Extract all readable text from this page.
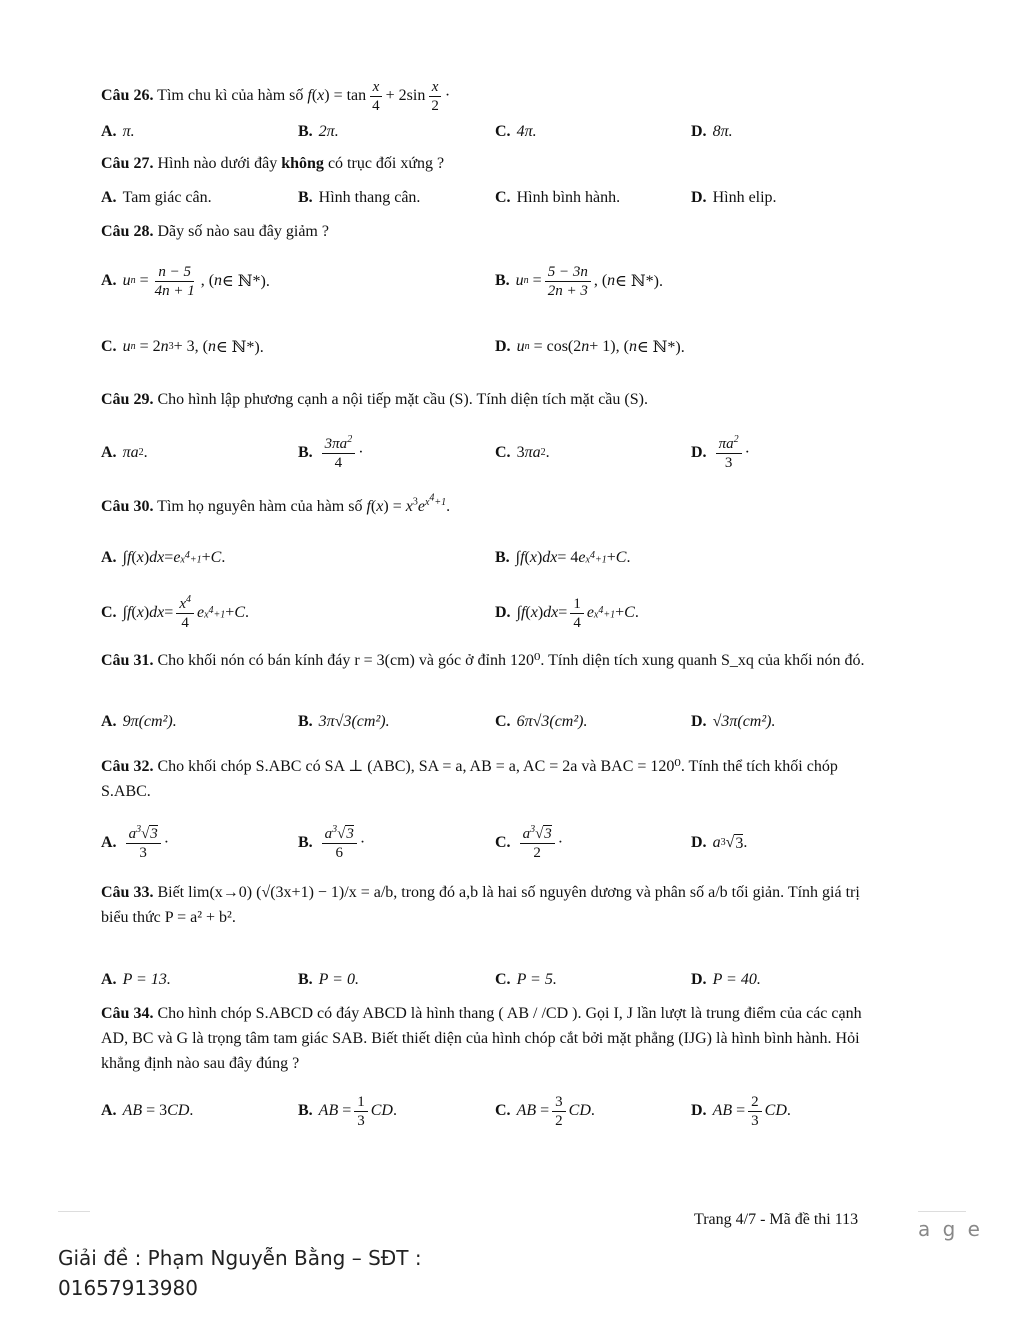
Câu 26. Tìm chu kì của hàm số $f(x) = \tan \frac{x}{4} + 2\sin \frac{x}{2}$ ·
A. π.	B. 2π.	C. 4π.	D. 8π.
Câu 27. Hình nào dưới đây không có trục đối xứng ?
A. Tam giác cân.	B. Hình thang cân.	C. Hình bình hành.	D. Hình elip.
Câu 28. Dãy số nào sau đây giảm ?
A. u $n = \frac{n - 5}{4n + 1}$ , ( n ∈ ℕ*).	B. u $n = \frac{5 - 3n}{2n + 3}$ , ( n ∈ ℕ*).
C. u n = 2 n 3 + 3, ( n ∈ ℕ*).	D. u n = cos(2 n + 1), ( n ∈ ℕ*).
Câu 29. Cho hình lập phương cạnh a nội tiếp mặt cầu (S). Tính diện tích mặt cầu (S).
A. πa 2 .	B. $\frac{3\pi a^2}{4}$ ·	C. 3 πa 2 .	D. $\frac{\pi a^2}{3}$ ·
Câu 30. Tìm họ nguyên hàm của hàm số $f(x) = x^3e^{x^4+1}$.
A. ∫ f ( x ) dx = e $x^4+1 + C$ .	B. ∫ f ( x ) dx = 4 e $x^4+1 + C$ .
C. ∫ f ( x ) dx = $\frac{x^4}{4}$ e $x^4+1 + C$ .	D. ∫ f ( x ) dx = $\frac{1}{4}$ e $x^4+1 + C$ .
Câu 31. Cho khối nón có bán kính đáy r = 3(cm) và góc ở đỉnh 120⁰. Tính diện tích xung quanh S_xq của khối nón đó.
A. 9π(cm²).	B. 3π√3(cm²).	C. 6π√3(cm²).	D. √3π(cm²).
Câu 32. Cho khối chóp S.ABC có SA ⊥ (ABC), SA = a, AB = a, AC = 2a và BAC = 120⁰. Tính thể tích khối chóp S.ABC.
A. $\frac{a^3√3}{3}$ ·	B. $\frac{a^3√3}{6}$ ·	C. $\frac{a^3√3}{2}$ ·	D. a 3 √ 3 .
Câu 33. Biết lim(x→0) (√(3x+1) − 1)/x = a/b, trong đó a,b là hai số nguyên dương và phân số a/b tối giản. Tính giá trị biểu thức P = a² + b².
A. P = 13.	B. P = 0.	C. P = 5.	D. P = 40.
Câu 34. Cho hình chóp S.ABCD có đáy ABCD là hình thang ( AB / /CD ). Gọi I, J lần lượt là trung điểm của các cạnh AD, BC và G là trọng tâm tam giác SAB. Biết thiết diện của hình chóp cắt bởi mặt phẳng (IJG) là hình bình hành. Hỏi khẳng định nào sau đây đúng ?
A. AB = 3 CD .	B. AB = $\frac{1}{3}$ CD .	C. AB = $\frac{3}{2}$ CD .	D. AB = $\frac{2}{3}$ CD .
Trang 4/7 - Mã đề thi 113	a g e
Giải đề : Phạm Nguyễn Bằng – SĐT : 01657913980
